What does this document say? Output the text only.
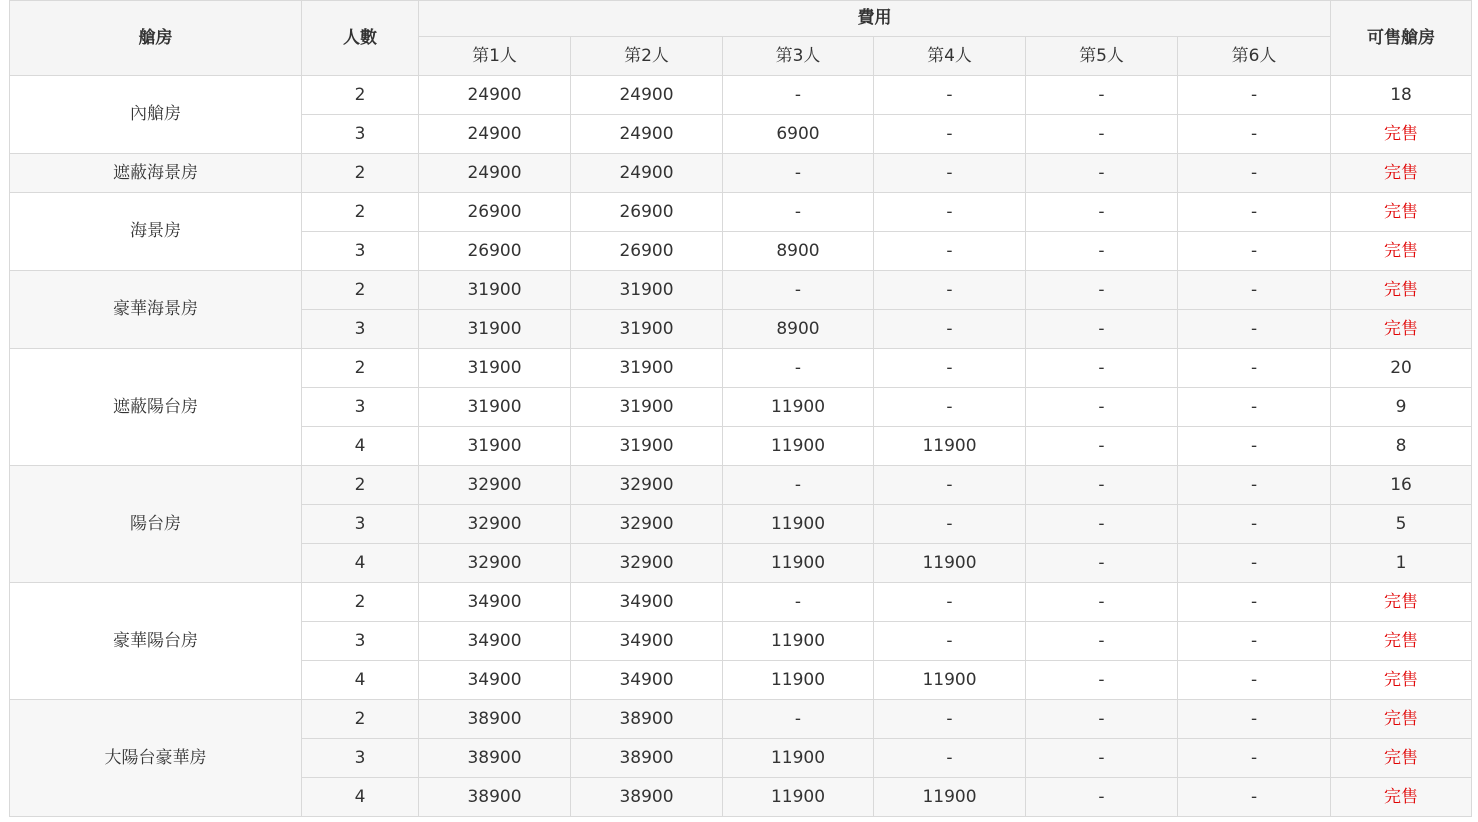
艙房	人數	費用						可售艙房
		第1人	第2人	第3人	第4人	第5人	第6人	
內艙房	2	24900	24900	-	-	-	-	18
	3	24900	24900	6900	-	-	-	完售
遮蔽海景房	2	24900	24900	-	-	-	-	完售
海景房	2	26900	26900	-	-	-	-	完售
	3	26900	26900	8900	-	-	-	完售
豪華海景房	2	31900	31900	-	-	-	-	完售
	3	31900	31900	8900	-	-	-	完售
遮蔽陽台房	2	31900	31900	-	-	-	-	20
	3	31900	31900	11900	-	-	-	9
	4	31900	31900	11900	11900	-	-	8
陽台房	2	32900	32900	-	-	-	-	16
	3	32900	32900	11900	-	-	-	5
	4	32900	32900	11900	11900	-	-	1
豪華陽台房	2	34900	34900	-	-	-	-	完售
	3	34900	34900	11900	-	-	-	完售
	4	34900	34900	11900	11900	-	-	完售
大陽台豪華房	2	38900	38900	-	-	-	-	完售
	3	38900	38900	11900	-	-	-	完售
	4	38900	38900	11900	11900	-	-	完售
